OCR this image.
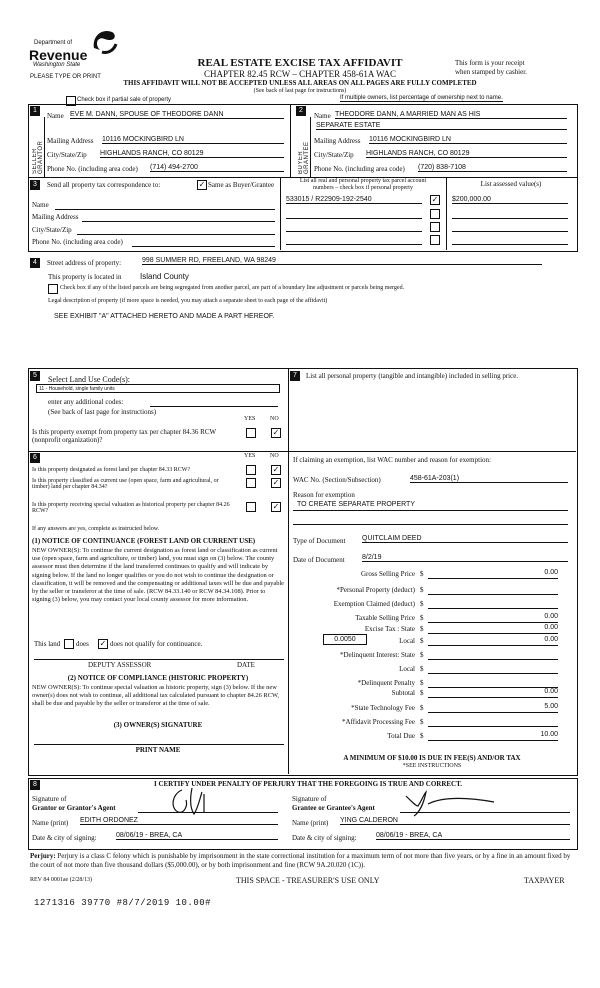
Department of
Revenue
Washington State
PLEASE TYPE OR PRINT
REAL ESTATE EXCISE TAX AFFIDAVIT
CHAPTER 82.45 RCW – CHAPTER 458-61A WAC
THIS AFFIDAVIT WILL NOT BE ACCEPTED UNLESS ALL AREAS ON ALL PAGES ARE FULLY COMPLETED
(See back of last page for instructions)
This form is your receipt
when stamped by cashier.
Check box if partial sale of property	If multiple owners, list percentage of ownership next to name.
1
SELLER GRANTOR
Name EVE M. DANN, SPOUSE OF THEODORE DANN
Mailing Address 10116 MOCKINGBIRD LN
City/State/Zip HIGHLANDS RANCH, CO 80129
Phone No. (including area code) (714) 494-2700
2
BUYER GRANTEE
Name THEODORE DANN, A MARRIED MAN AS HIS
SEPARATE ESTATE
Mailing Address 10116 MOCKINGBIRD LN
City/State/Zip HIGHLANDS RANCH, CO 80129
Phone No. (including area code) (720) 838-7108
3	Send all property tax correspondence to:	✓ Same as Buyer/Grantee
Name
Mailing Address
City/State/Zip
Phone No. (including area code)
List all real and personal property tax parcel account
numbers – check box if personal property	List assessed value(s)
533015 / R22909-192-2540	✓ $200,000.00
4	Street address of property:	998 SUMMER RD, FREELAND, WA 98249
This property is located in Island County
Check box if any of the listed parcels are being segregated from another parcel, are part of a boundary line adjustment or parcels being merged.
Legal description of property (if more space is needed, you may attach a separate sheet to each page of the affidavit)
SEE EXHIBIT "A" ATTACHED HERETO AND MADE A PART HEREOF.
5	Select Land Use Code(s):
11 - Household, single family units
enter any additional codes:
(See back of last page for instructions)
YES NO
Is this property exempt from property tax per chapter 84.36 RCW (nonprofit organization)?
✓
6	YES NO
Is this property designated as forest land per chapter 84.33 RCW?	✓
Is this property classified as current use (open space, farm and agricultural, or timber) land per chapter 84.34?	✓
Is this property receiving special valuation as historical property per chapter 84.26 RCW?	✓
If any answers are yes, complete as instructed below.
(1) NOTICE OF CONTINUANCE (FOREST LAND OR CURRENT USE)
NEW OWNER(S): To continue the current designation as forest land or classification as current use (open space, farm and agriculture, or timber) land, you must sign on (3) below. The county assessor must then determine if the land transferred continues to qualify and will indicate by signing below. If the land no longer qualifies or you do not wish to continue the designation or classification, it will be removed and the compensating or additional taxes will be due and payable by the seller or transferor at the time of sale. (RCW 84.33.140 or RCW 84.34.108). Prior to signing (3) below, you may contact your local county assessor for more information.
This land does ✓ does not qualify for continuance.
DEPUTY ASSESSOR	DATE
(2) NOTICE OF COMPLIANCE (HISTORIC PROPERTY)
NEW OWNER(S): To continue special valuation as historic property, sign (3) below. If the new owner(s) does not wish to continue, all additional tax calculated pursuant to chapter 84.26 RCW, shall be due and payable by the seller or transferor at the time of sale.
(3) OWNER(S) SIGNATURE
PRINT NAME
7	List all personal property (tangible and intangible) included in selling price.
If claiming an exemption, list WAC number and reason for exemption:
WAC No. (Section/Subsection)	458-61A-203(1)
Reason for exemption
TO CREATE SEPARATE PROPERTY
Type of Document QUITCLAIM DEED
Date of Document 8/2/19
Gross Selling Price $	0.00
*Personal Property (deduct) $
Exemption Claimed (deduct) $
Taxable Selling Price $	0.00
Excise Tax : State $	0.00
Local $	0.00
*Delinquent Interest: State $
Local $
*Delinquent Penalty $
Subtotal $	0.00
*State Technology Fee $	5.00
*Affidavit Processing Fee $
Total Due $	10.00
0.0050
A MINIMUM OF $10.00 IS DUE IN FEE(S) AND/OR TAX
*SEE INSTRUCTIONS
8	I CERTIFY UNDER PENALTY OF PERJURY THAT THE FOREGOING IS TRUE AND CORRECT.
Signature of
Grantor or Grantor's Agent
Name (print) EDITH ORDONEZ
Date & city of signing:	08/06/19 - BREA, CA
Signature of
Grantee or Grantee's Agent
Name (print) YING CALDERON
Date & city of signing:	08/06/19 - BREA, CA
Perjury: Perjury is a class C felony which is punishable by imprisonment in the state correctional institution for a maximum term of not more than five years, or by a fine in an amount fixed by the court of not more than five thousand dollars ($5,000.00), or by both imprisonment and fine (RCW 9A.20.020 (1C)).
REV 84 0001ae (2/28/13)	THIS SPACE - TREASURER'S USE ONLY	TAXPAYER
1271316 39770 #8/7/2019 10.00#
